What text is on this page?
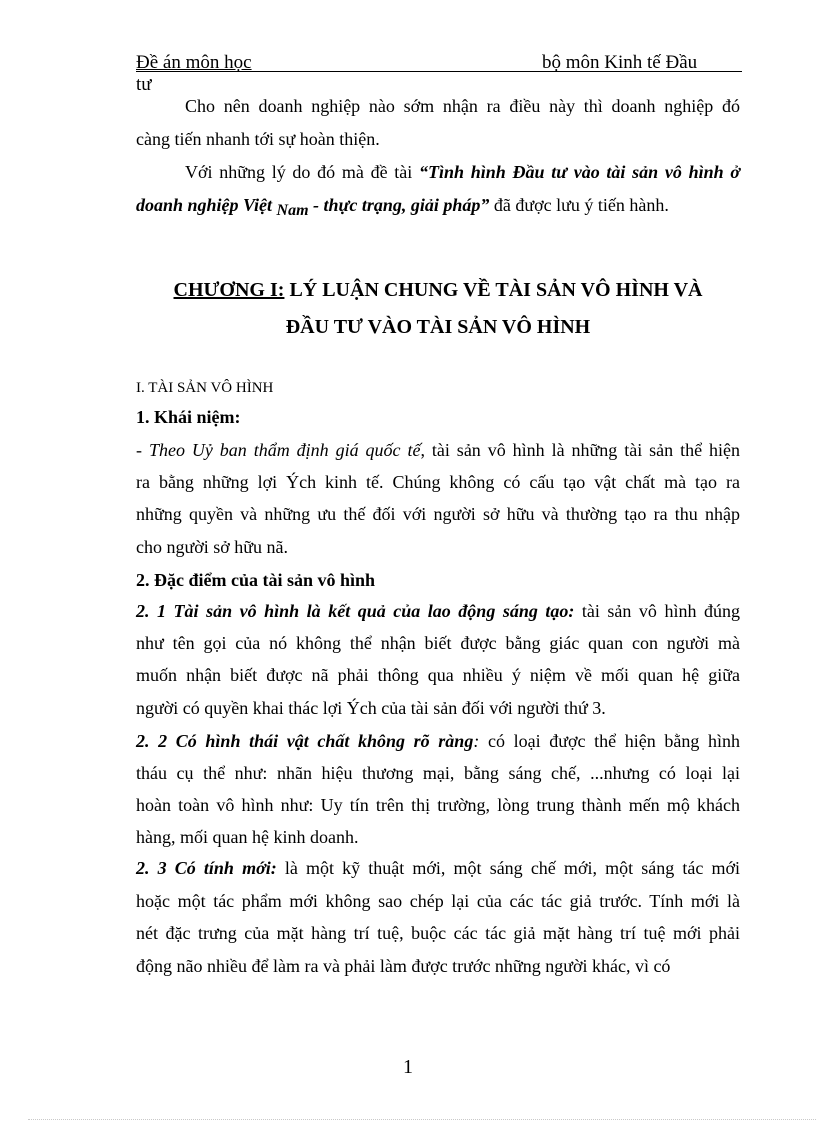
Đề án môn học	bộ môn Kinh tế Đầu
tư
Cho nên doanh nghiệp nào sớm nhận ra điều này thì doanh nghiệp đó
càng tiến nhanh tới sự hoàn thiện.
Với những lý do đó mà đề tài “Tình hình Đầu tư vào tài sản vô hình ở
doanh nghiệp Việt Nam - thực trạng, giải pháp” đã được lưu ý tiến hành.
CHƯƠNG I: LÝ LUẬN CHUNG VỀ TÀI SẢN VÔ HÌNH VÀ
ĐẦU TƯ VÀO TÀI SẢN VÔ HÌNH
I. TÀI SẢN VÔ HÌNH
1. Khái niệm:
- Theo Uỷ ban thẩm định giá quốc tế, tài sản vô hình là những tài sản thể hiện
ra bằng những lợi Ých kinh tế. Chúng không có cấu tạo vật chất mà tạo ra
những quyền và những ưu thế đối với người sở hữu và thường tạo ra thu nhập
cho người sở hữu nã.
2. Đặc điểm của tài sản vô hình
2. 1 Tài sản vô hình là kết quả của lao động sáng tạo: tài sản vô hình đúng
như tên gọi của nó không thể nhận biết được bằng giác quan con người mà
muốn nhận biết được nã phải thông qua nhiều ý niệm về mối quan hệ giữa
người có quyền khai thác lợi Ých của tài sản đối với người thứ 3.
2. 2 Có hình thái vật chất không rõ ràng: có loại được thể hiện bằng hình
tháu cụ thể như: nhãn hiệu thương mại, bằng sáng chế, ...nhưng có loại lại
hoàn toàn vô hình như: Uy tín trên thị trường, lòng trung thành mến mộ khách
hàng, mối quan hệ kinh doanh.
2. 3 Có tính mới: là một kỹ thuật mới, một sáng chế mới, một sáng tác mới
hoặc một tác phẩm mới không sao chép lại của các tác giả trước. Tính mới là
nét đặc trưng của mặt hàng trí tuệ, buộc các tác giả mặt hàng trí tuệ mới phải
động não nhiều để làm ra và phải làm được trước những người khác, vì có
1
